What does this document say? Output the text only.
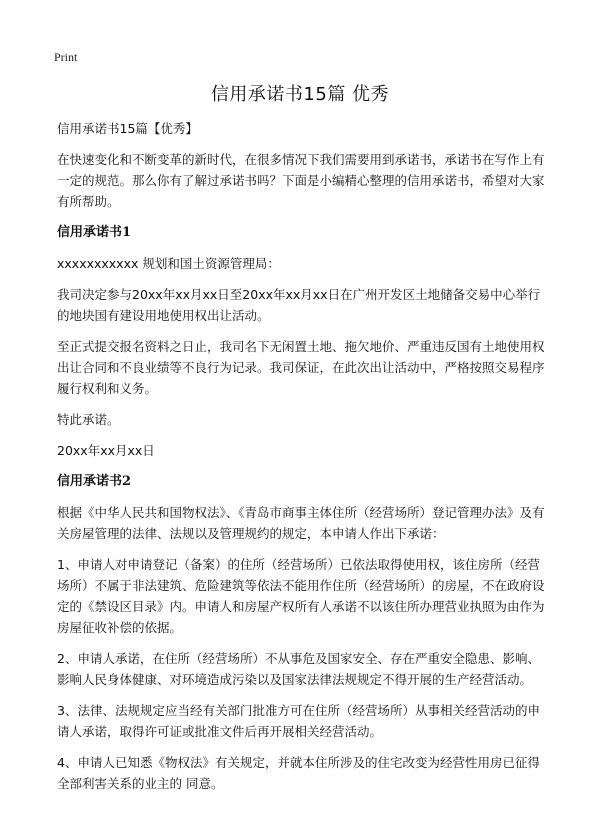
Print
信用承诺书15篇 优秀

信用承诺书15篇【优秀】

在快速变化和不断变革的新时代，在很多情况下我们需要用到承诺书，承诺书在写作上有一定的规范。那么你有了解过承诺书吗？下面是小编精心整理的信用承诺书，希望对大家有所帮助。

信用承诺书1

xxxxxxxxxxx 规划和国土资源管理局：

我司决定参与20xx年xx月xx日至20xx年xx月xx日在广州开发区土地储备交易中心举行的地块国有建设用地使用权出让活动。

至正式提交报名资料之日止，我司名下无闲置土地、拖欠地价、严重违反国有土地使用权出让合同和不良业绩等不良行为记录。我司保证，在此次出让活动中，严格按照交易程序履行权利和义务。

特此承诺。

20xx年xx月xx日

信用承诺书2

根据《中华人民共和国物权法》、《青岛市商事主体住所（经营场所）登记管理办法》及有关房屋管理的法律、法规以及管理规约的规定，本申请人作出下承诺：

1、申请人对申请登记（备案）的住所（经营场所）已依法取得使用权，该住房所（经营场所）不属于非法建筑、危险建筑等依法不能用作住所（经营场所）的房屋，不在政府设定的《禁设区目录》内。申请人和房屋产权所有人承诺不以该住所办理营业执照为由作为房屋征收补偿的依据。

2、申请人承诺，在住所（经营场所）不从事危及国家安全、存在严重安全隐患、影响、影响人民身体健康、对环境造成污染以及国家法律法规规定不得开展的生产经营活动。

3、法律、法规规定应当经有关部门批准方可在住所（经营场所）从事相关经营活动的申请人承诺，取得许可证或批准文件后再开展相关经营活动。

4、申请人已知悉《物权法》有关规定，并就本住所涉及的住宅改变为经营性用房已征得全部利害关系的业主的 同意。
